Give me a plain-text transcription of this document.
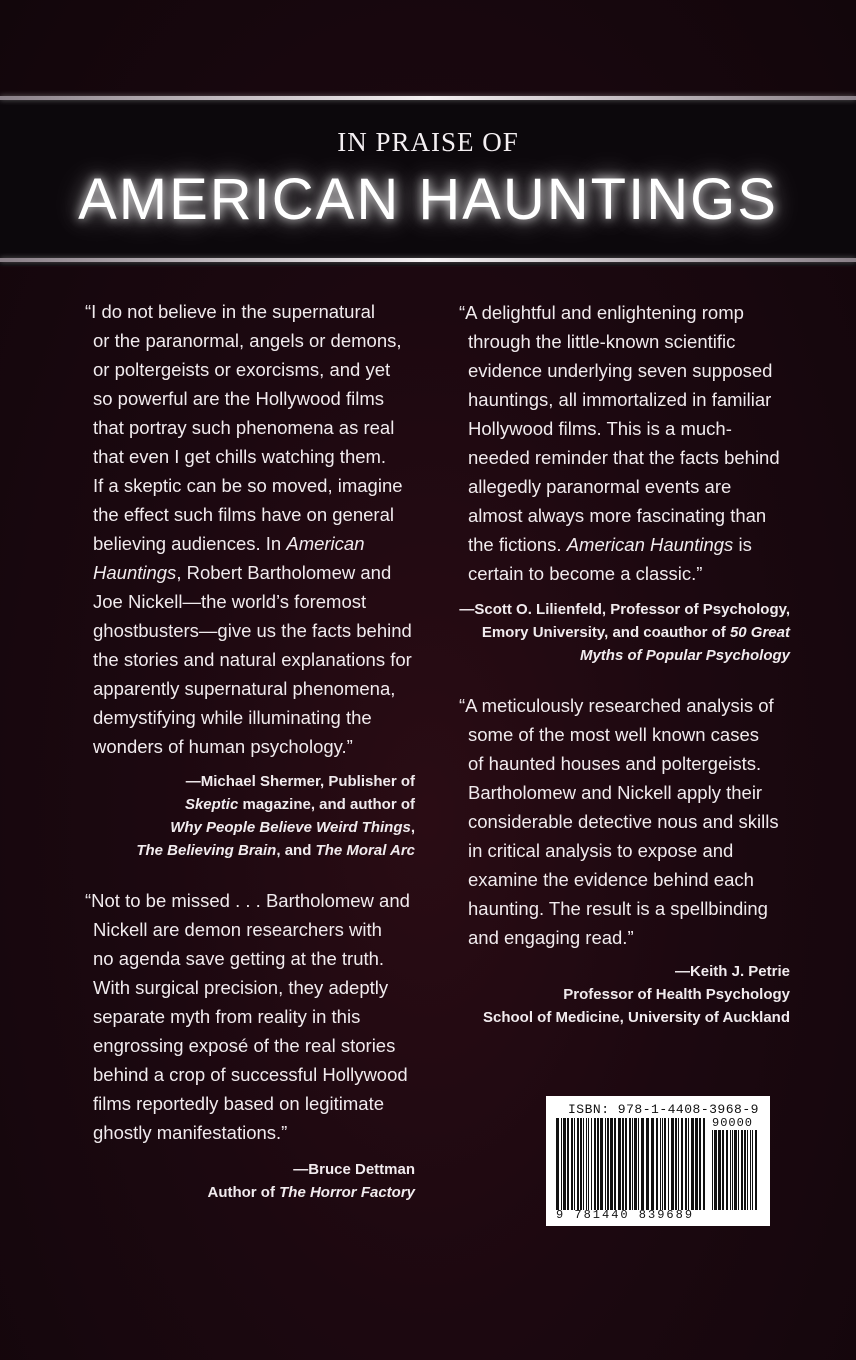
IN PRAISE OF
AMERICAN HAUNTINGS
“I do not believe in the supernatural
or the paranormal, angels or demons,
or poltergeists or exorcisms, and yet
so powerful are the Hollywood films
that portray such phenomena as real
that even I get chills watching them.
If a skeptic can be so moved, imagine
the effect such films have on general
believing audiences. In American
Hauntings, Robert Bartholomew and
Joe Nickell—the world’s foremost
ghostbusters—give us the facts behind
the stories and natural explanations for
apparently supernatural phenomena,
demystifying while illuminating the
wonders of human psychology.”
—Michael Shermer, Publisher of
Skeptic magazine, and author of
Why People Believe Weird Things,
The Believing Brain, and The Moral Arc
“Not to be missed . . . Bartholomew and
Nickell are demon researchers with
no agenda save getting at the truth.
With surgical precision, they adeptly
separate myth from reality in this
engrossing exposé of the real stories
behind a crop of successful Hollywood
films reportedly based on legitimate
ghostly manifestations.”
—Bruce Dettman
Author of The Horror Factory
“A delightful and enlightening romp
through the little-known scientific
evidence underlying seven supposed
hauntings, all immortalized in familiar
Hollywood films. This is a much-
needed reminder that the facts behind
allegedly paranormal events are
almost always more fascinating than
the fictions. American Hauntings is
certain to become a classic.”
—Scott O. Lilienfeld, Professor of Psychology,
Emory University, and coauthor of 50 Great
Myths of Popular Psychology
“A meticulously researched analysis of
some of the most well known cases
of haunted houses and poltergeists.
Bartholomew and Nickell apply their
considerable detective nous and skills
in critical analysis to expose and
examine the evidence behind each
haunting. The result is a spellbinding
and engaging read.”
—Keith J. Petrie
Professor of Health Psychology
School of Medicine, University of Auckland
ISBN: 978-1-4408-3968-9
90000
9 781440 839689
